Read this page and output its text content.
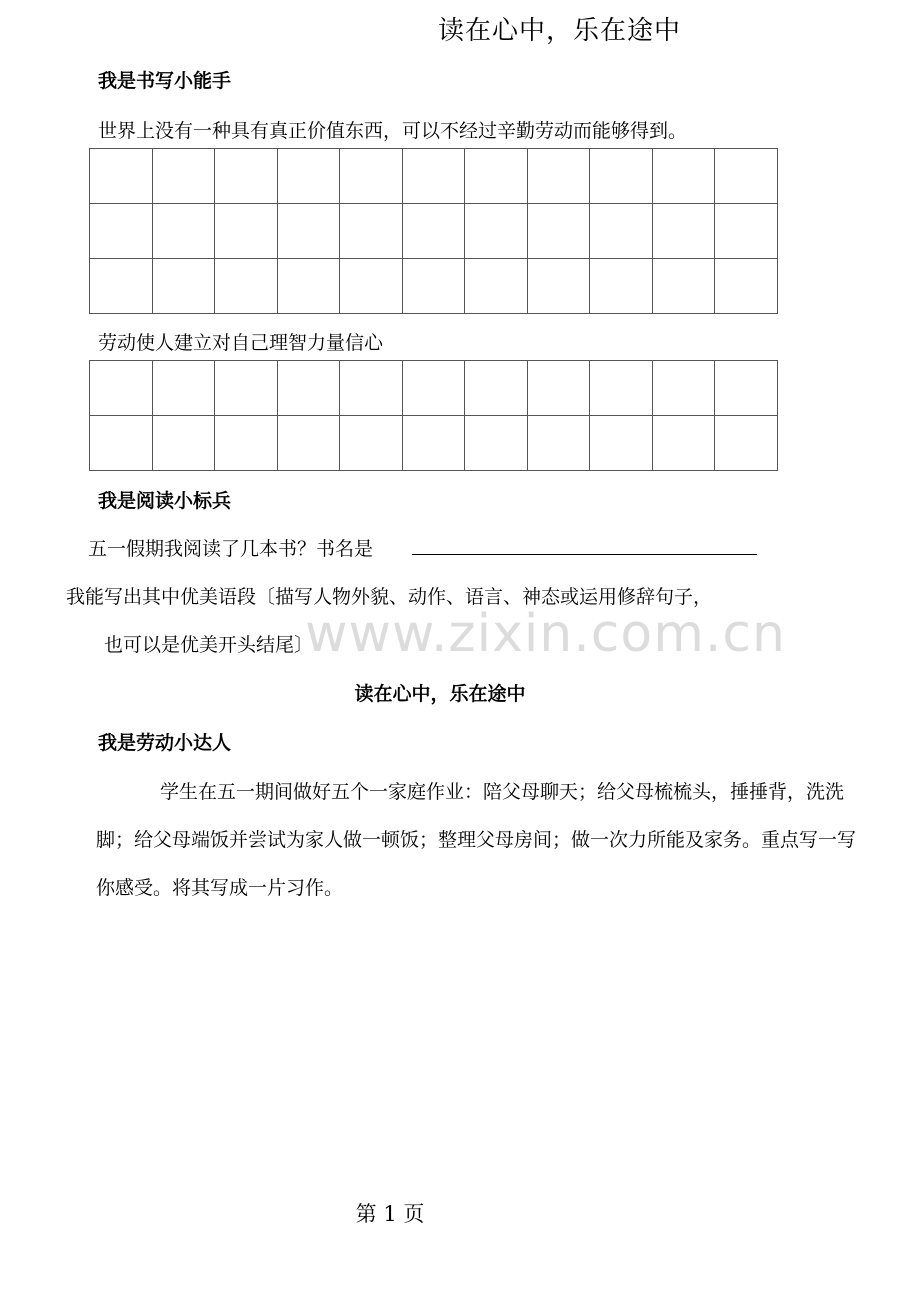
读在心中，乐在途中
我是书写小能手
世界上没有一种具有真正价值东西，可以不经过辛勤劳动而能够得到。

劳动使人建立对自己理智力量信心

我是阅读小标兵
五一假期我阅读了几本书？书名是
我能写出其中优美语段〔描写人物外貌、动作、语言、神态或运用修辞句子，
www.zixin.com.cn
也可以是优美开头结尾〕
读在心中，乐在途中
我是劳动小达人
学生在五一期间做好五个一家庭作业：陪父母聊天；给父母梳梳头，捶捶背，洗洗脚；给父母端饭并尝试为家人做一顿饭；整理父母房间；做一次力所能及家务。重点写一写你感受。将其写成一片习作。
第 1 页
